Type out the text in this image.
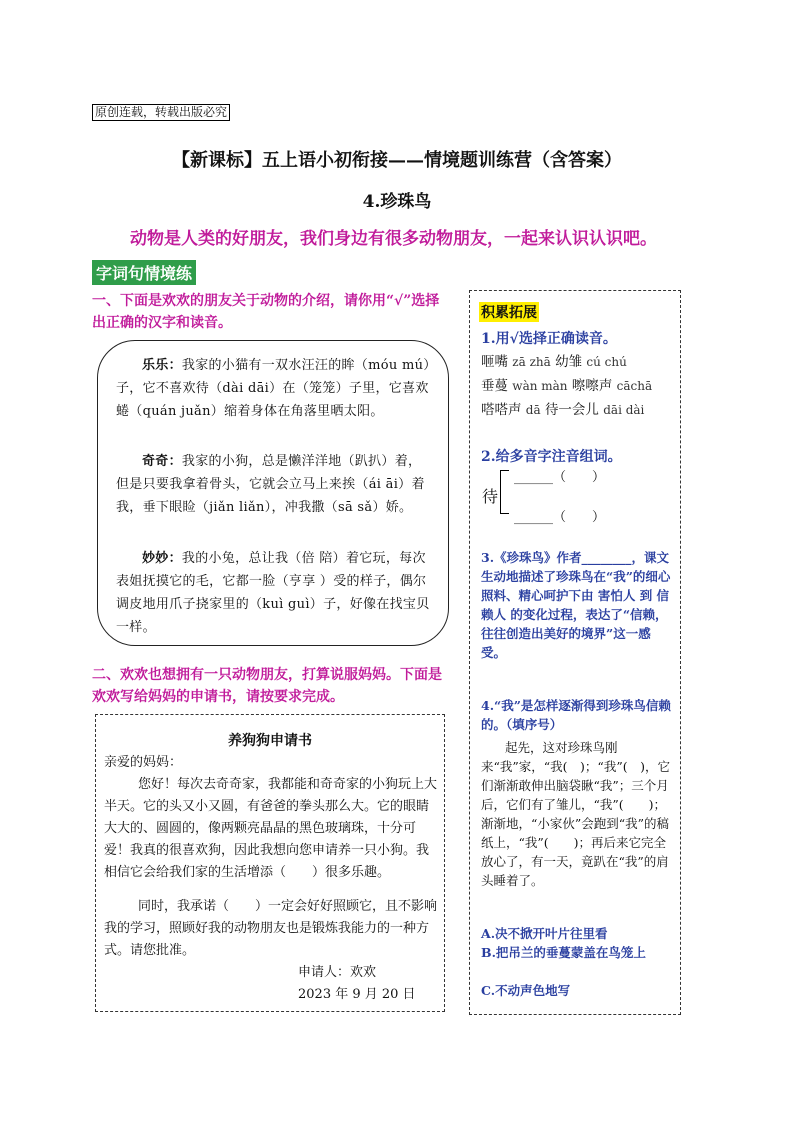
原创连载，转载出版必究
【新课标】五上语小初衔接——情境题训练营（含答案）
4.珍珠鸟
动物是人类的好朋友，我们身边有很多动物朋友，一起来认识认识吧。
字词句情境练
一、下面是欢欢的朋友关于动物的介绍，请你用“√”选择出正确的汉字和读音。
乐乐：我家的小猫有一双水汪汪的眸（móu mú）子，它不喜欢待（dài dāi）在（笼笼）子里，它喜欢蜷（quán juǎn）缩着身体在角落里晒太阳。
奇奇：我家的小狗，总是懒洋洋地（趴扒）着，但是只要我拿着骨头，它就会立马上来挨（ái āi）着我，垂下眼睑（jiǎn liǎn），冲我撒（sā sǎ）娇。
妙妙：我的小兔，总让我（倍 陪）着它玩，每次表姐抚摸它的毛，它都一脸（亨享 ）受的样子，偶尔调皮地用爪子挠家里的（kuì guì）子，好像在找宝贝一样。
二、欢欢也想拥有一只动物朋友，打算说服妈妈。下面是欢欢写给妈妈的申请书，请按要求完成。
养狗狗申请书
亲爱的妈妈：
您好！每次去奇奇家，我都能和奇奇家的小狗玩上大半天。它的头又小又圆，有爸爸的拳头那么大。它的眼睛大大的、圆圆的，像两颗亮晶晶的黑色玻璃珠，十分可爱！我真的很喜欢狗，因此我想向您申请养一只小狗。我相信它会给我们家的生活增添（　　）很多乐趣。
同时，我承诺（　　）一定会好好照顾它，且不影响我的学习，照顾好我的动物朋友也是锻炼我能力的一种方式。请您批准。
申请人：欢欢
2023 年 9 月 20 日
积累拓展
1.用√选择正确读音。
咂嘴 zā zhā 幼雏 cú chú
垂蔓 wàn màn 嚓嚓声 cāchā
嗒嗒声 dā 待一会儿 dāi dài
2.给多音字注音组词。
待
______（　　）
______（　　）
3.《珍珠鸟》作者________，课文生动地描述了珍珠鸟在“我”的细心照料、精心呵护下由 害怕人 到 信赖人 的变化过程，表达了“信赖，往往创造出美好的境界”这一感受。
4.“我”是怎样逐渐得到珍珠鸟信赖的。（填序号）
起先，这对珍珠鸟刚来“我”家，“我(　)；“我”(　)，它们渐渐敢伸出脑袋瞅“我”；三个月后，它们有了雏儿，“我”(　　)；渐渐地，“小家伙”会跑到“我”的稿纸上，“我”(　　)；再后来它完全放心了，有一天，竟趴在“我”的肩头睡着了。
A.决不掀开叶片往里看
B.把吊兰的垂蔓蒙盖在鸟笼上
C.不动声色地写
